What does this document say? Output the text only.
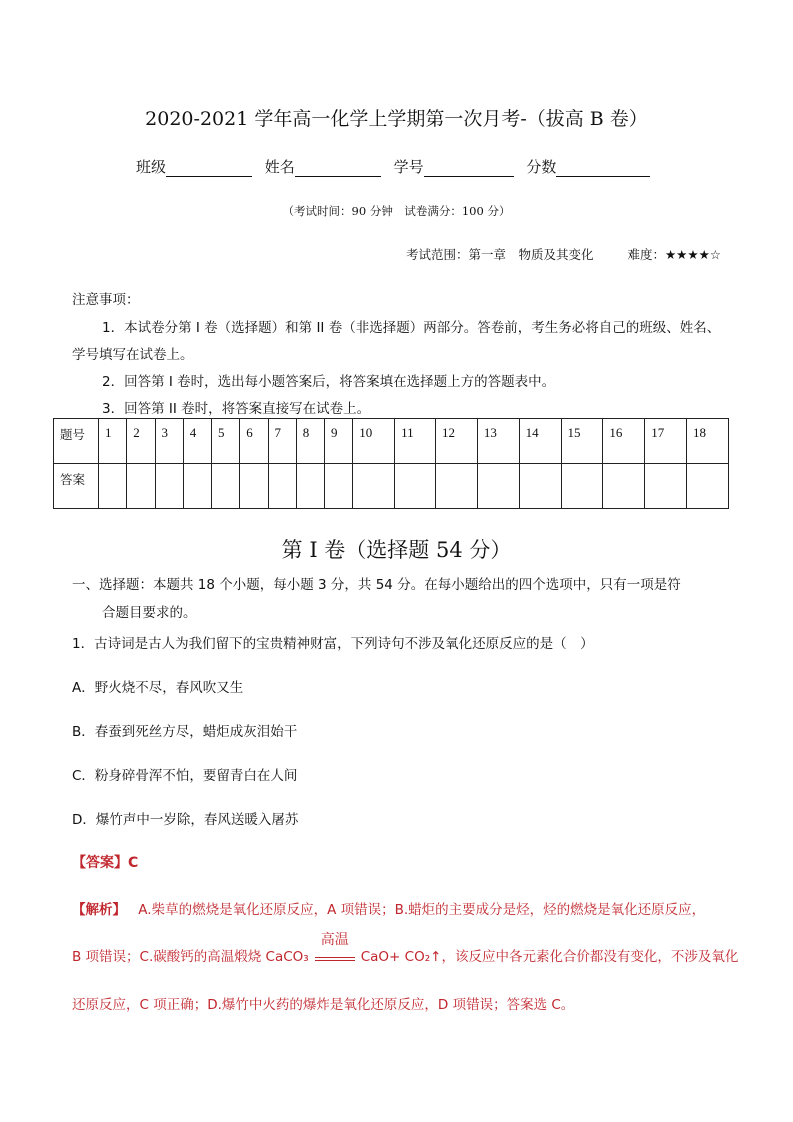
2020-2021 学年高一化学上学期第一次月考-（拔高 B 卷）
班级	姓名	学号	分数
（考试时间：90 分钟　试卷满分：100 分）
考试范围：第一章　物质及其变化	难度：★★★★☆
注意事项：
1．本试卷分第 I 卷（选择题）和第 II 卷（非选择题）两部分。答卷前，考生务必将自己的班级、姓名、
学号填写在试卷上。
2．回答第 I 卷时，选出每小题答案后，将答案填在选择题上方的答题表中。
3．回答第 II 卷时，将答案直接写在试卷上。
题号	1	2	3	4	5	6	7	8	9	10	11	12	13	14	15	16	17	18
答案																		
第 I 卷（选择题 54 分）
一、选择题：本题共 18 个小题，每小题 3 分，共 54 分。在每小题给出的四个选项中，只有一项是符
合题目要求的。
1．古诗词是古人为我们留下的宝贵精神财富，下列诗句不涉及氧化还原反应的是（　）
A．野火烧不尽，春风吹又生
B．春蚕到死丝方尽，蜡炬成灰泪始干
C．粉身碎骨浑不怕，要留青白在人间
D．爆竹声中一岁除，春风送暖入屠苏
【答案】C
【解析】 A.柴草的燃烧是氧化还原反应，A 项错误；B.蜡炬的主要成分是烃，烃的燃烧是氧化还原反应，
B 项错误；C.碳酸钙的高温煅烧 CaCO₃
高温
CaO+ CO₂↑，该反应中各元素化合价都没有变化，不涉及氧化
还原反应，C 项正确；D.爆竹中火药的爆炸是氧化还原反应，D 项错误；答案选 C。
